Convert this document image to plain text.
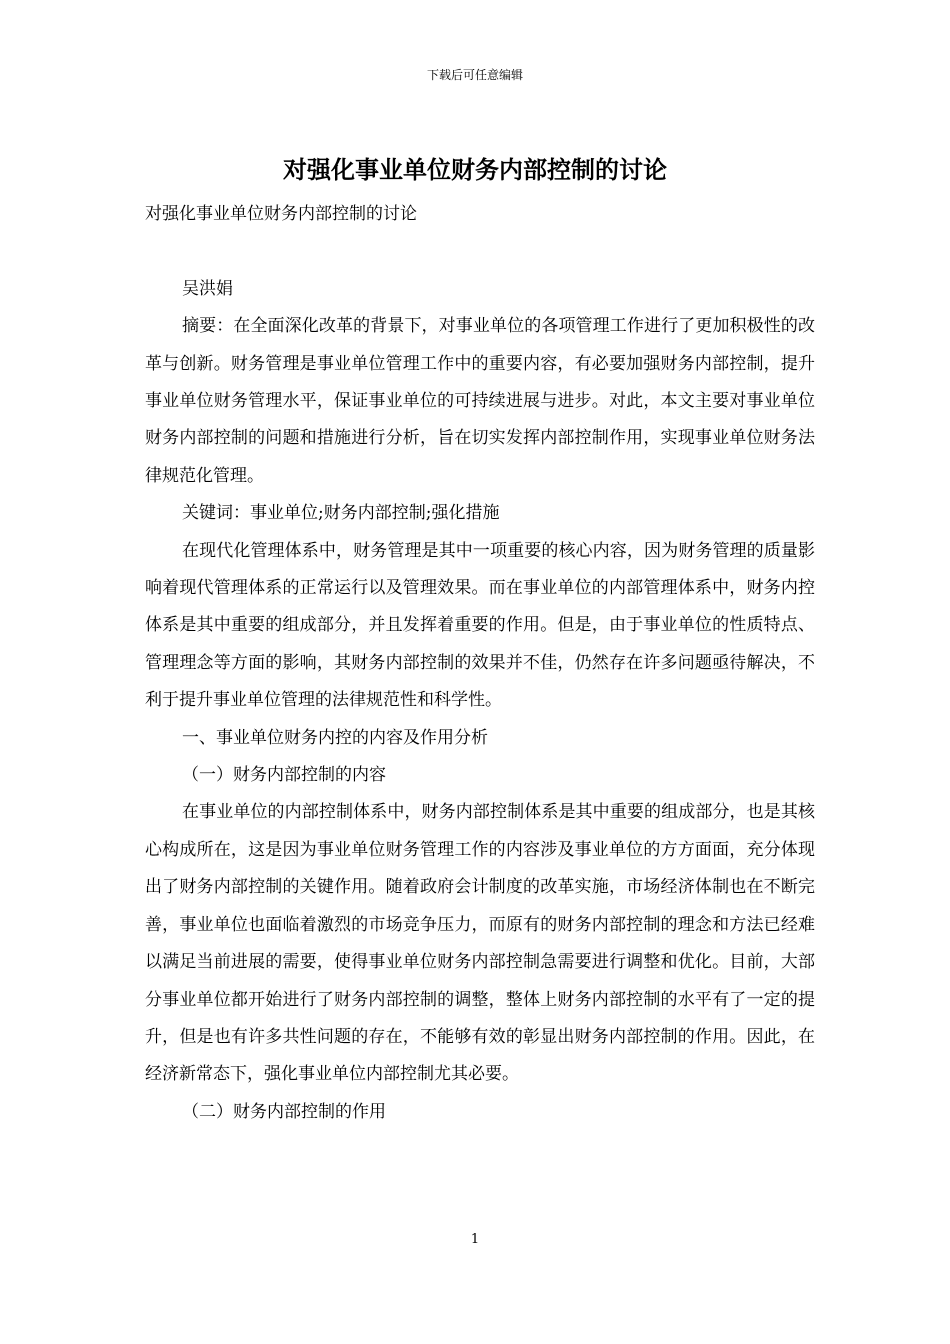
下载后可任意编辑
对强化事业单位财务内部控制的讨论

对强化事业单位财务内部控制的讨论

吴洪娟

摘要：在全面深化改革的背景下，对事业单位的各项管理工作进行了更加积极性的改革与创新。财务管理是事业单位管理工作中的重要内容，有必要加强财务内部控制，提升事业单位财务管理水平，保证事业单位的可持续进展与进步。对此，本文主要对事业单位财务内部控制的问题和措施进行分析，旨在切实发挥内部控制作用，实现事业单位财务法律规范化管理。

关键词：事业单位;财务内部控制;强化措施

在现代化管理体系中，财务管理是其中一项重要的核心内容，因为财务管理的质量影响着现代管理体系的正常运行以及管理效果。而在事业单位的内部管理体系中，财务内控体系是其中重要的组成部分，并且发挥着重要的作用。但是，由于事业单位的性质特点、管理理念等方面的影响，其财务内部控制的效果并不佳，仍然存在许多问题亟待解决，不利于提升事业单位管理的法律规范性和科学性。

一、事业单位财务内控的内容及作用分析

（一）财务内部控制的内容

在事业单位的内部控制体系中，财务内部控制体系是其中重要的组成部分，也是其核心构成所在，这是因为事业单位财务管理工作的内容涉及事业单位的方方面面，充分体现出了财务内部控制的关键作用。随着政府会计制度的改革实施，市场经济体制也在不断完善，事业单位也面临着激烈的市场竞争压力，而原有的财务内部控制的理念和方法已经难以满足当前进展的需要，使得事业单位财务内部控制急需要进行调整和优化。目前，大部分事业单位都开始进行了财务内部控制的调整，整体上财务内部控制的水平有了一定的提升，但是也有许多共性问题的存在，不能够有效的彰显出财务内部控制的作用。因此，在经济新常态下，强化事业单位内部控制尤其必要。

（二）财务内部控制的作用

1
